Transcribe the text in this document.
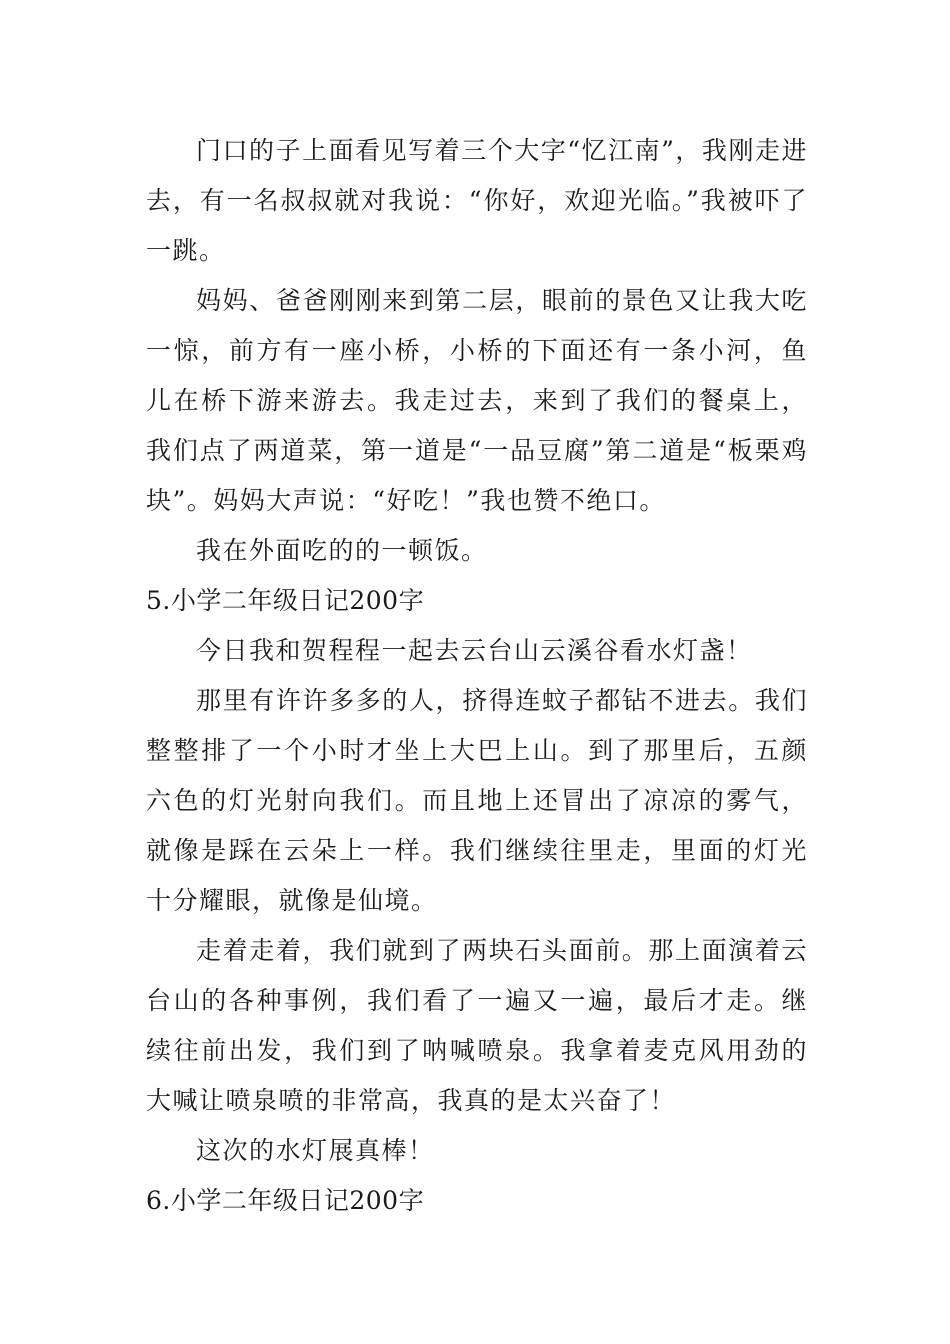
门口的子上面看见写着三个大字“忆江南”，我刚走进去，有一名叔叔就对我说：“你好，欢迎光临。”我被吓了一跳。

妈妈、爸爸刚刚来到第二层，眼前的景色又让我大吃一惊，前方有一座小桥，小桥的下面还有一条小河，鱼儿在桥下游来游去。我走过去，来到了我们的餐桌上，我们点了两道菜，第一道是“一品豆腐”第二道是“板栗鸡块”。妈妈大声说：“好吃！”我也赞不绝口。

我在外面吃的的一顿饭。

5.小学二年级日记200字

今日我和贺程程一起去云台山云溪谷看水灯盏！

那里有许许多多的人，挤得连蚊子都钻不进去。我们整整排了一个小时才坐上大巴上山。到了那里后，五颜六色的灯光射向我们。而且地上还冒出了凉凉的雾气，就像是踩在云朵上一样。我们继续往里走，里面的灯光十分耀眼，就像是仙境。

走着走着，我们就到了两块石头面前。那上面演着云台山的各种事例，我们看了一遍又一遍，最后才走。继续往前出发，我们到了呐喊喷泉。我拿着麦克风用劲的大喊让喷泉喷的非常高，我真的是太兴奋了！

这次的水灯展真棒！

6.小学二年级日记200字
